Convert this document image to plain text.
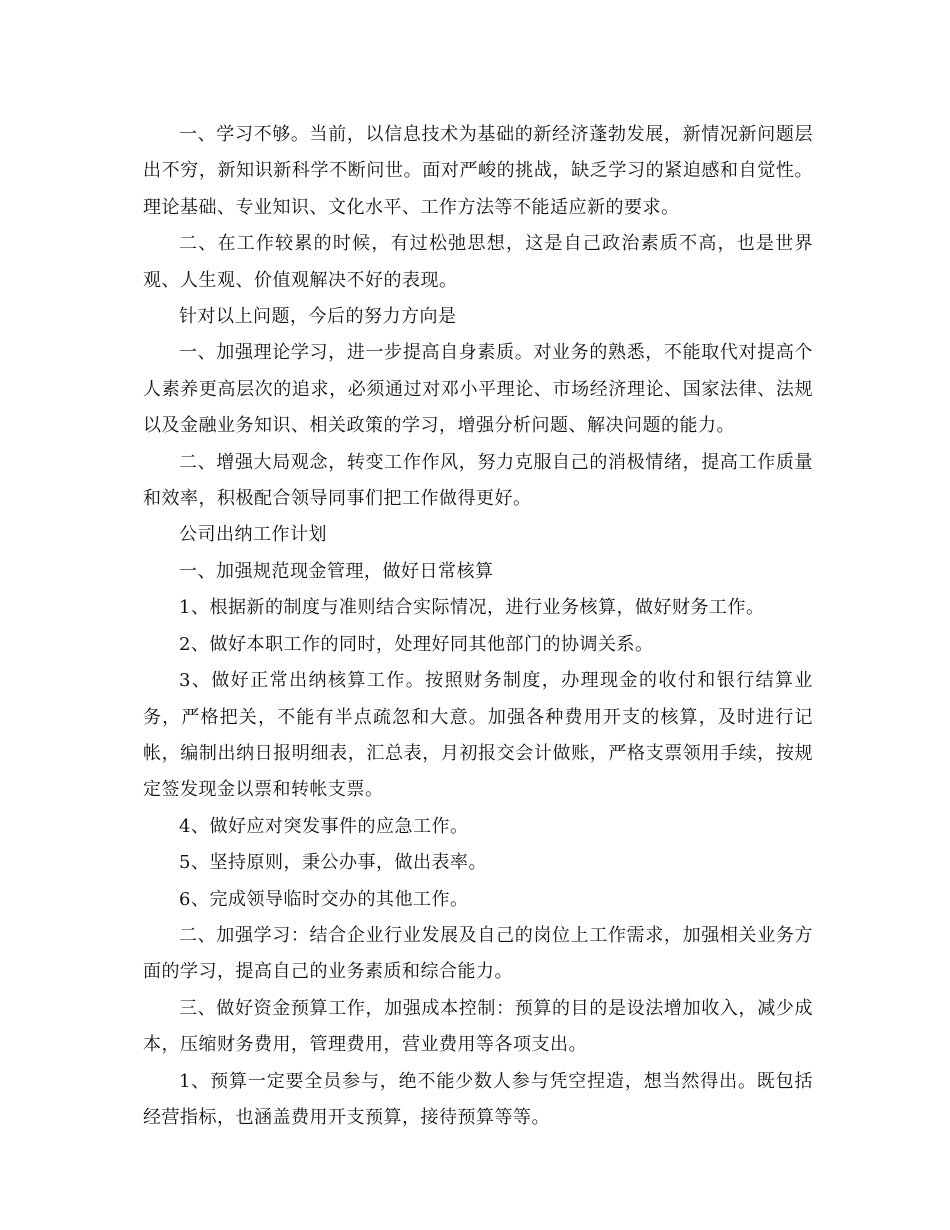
一、学习不够。当前，以信息技术为基础的新经济蓬勃发展，新情况新问题层出不穷，新知识新科学不断问世。面对严峻的挑战，缺乏学习的紧迫感和自觉性。理论基础、专业知识、文化水平、工作方法等不能适应新的要求。

二、在工作较累的时候，有过松弛思想，这是自己政治素质不高，也是世界观、人生观、价值观解决不好的表现。

针对以上问题，今后的努力方向是

一、加强理论学习，进一步提高自身素质。对业务的熟悉，不能取代对提高个人素养更高层次的追求，必须通过对邓小平理论、市场经济理论、国家法律、法规以及金融业务知识、相关政策的学习，增强分析问题、解决问题的能力。

二、增强大局观念，转变工作作风，努力克服自己的消极情绪，提高工作质量和效率，积极配合领导同事们把工作做得更好。

公司出纳工作计划

一、加强规范现金管理，做好日常核算

1、根据新的制度与准则结合实际情况，进行业务核算，做好财务工作。

2、做好本职工作的同时，处理好同其他部门的协调关系。

3、做好正常出纳核算工作。按照财务制度，办理现金的收付和银行结算业务，严格把关，不能有半点疏忽和大意。加强各种费用开支的核算，及时进行记帐，编制出纳日报明细表，汇总表，月初报交会计做账，严格支票领用手续，按规定签发现金以票和转帐支票。

4、做好应对突发事件的应急工作。

5、坚持原则，秉公办事，做出表率。

6、完成领导临时交办的其他工作。

二、加强学习：结合企业行业发展及自己的岗位上工作需求，加强相关业务方面的学习，提高自己的业务素质和综合能力。

三、做好资金预算工作，加强成本控制：预算的目的是设法增加收入，减少成本，压缩财务费用，管理费用，营业费用等各项支出。

1、预算一定要全员参与，绝不能少数人参与凭空捏造，想当然得出。既包括经营指标，也涵盖费用开支预算，接待预算等等。
